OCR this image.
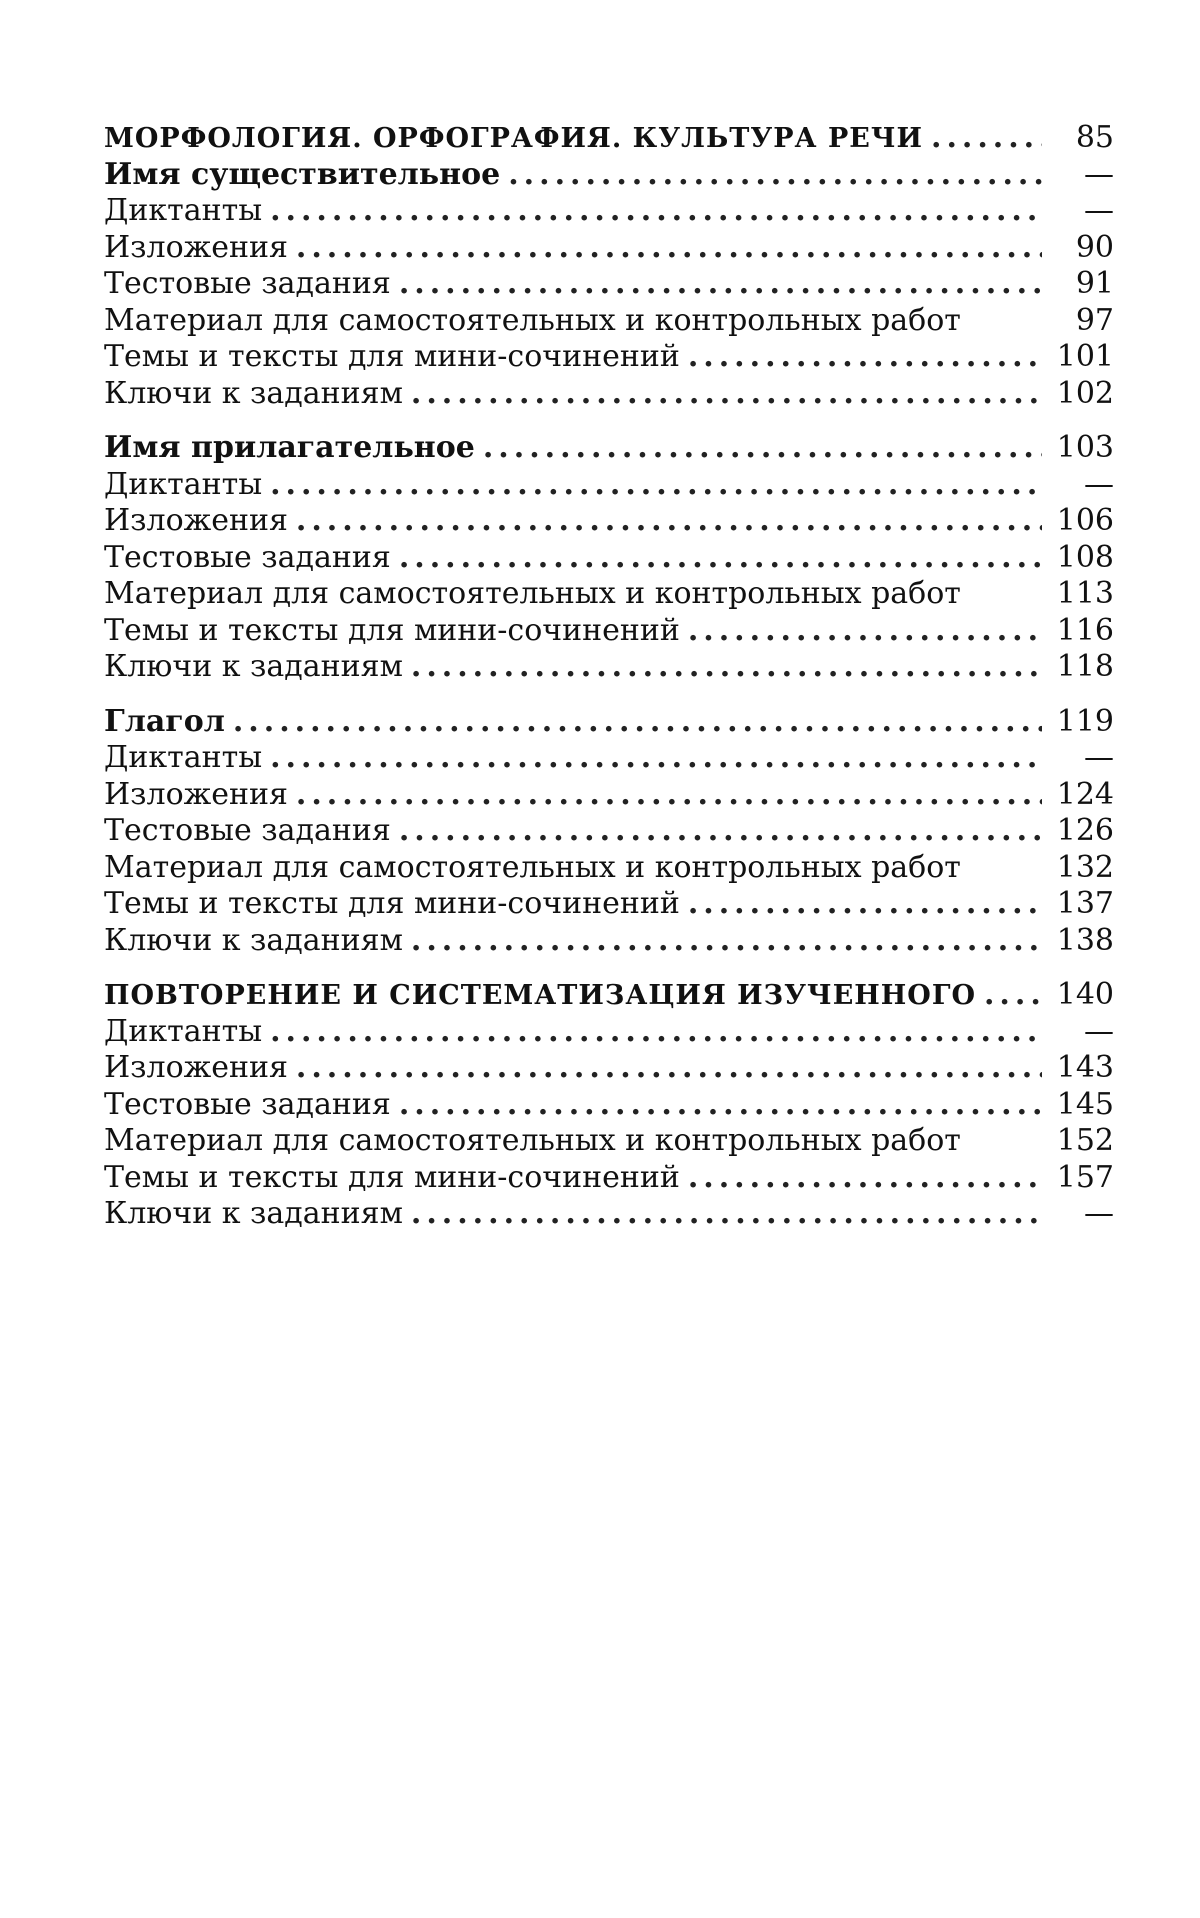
МОРФОЛОГИЯ. ОРФОГРАФИЯ. КУЛЬТУРА РЕЧИ .....	85
Имя существительное .....	—
Диктанты .....	—
Изложения .....	90
Тестовые задания .....	91
Материал для самостоятельных и контрольных работ	97
Темы и тексты для мини-сочинений .....	101
Ключи к заданиям .....	102
Имя прилагательное .....	103
Диктанты .....	—
Изложения .....	106
Тестовые задания .....	108
Материал для самостоятельных и контрольных работ	113
Темы и тексты для мини-сочинений .....	116
Ключи к заданиям .....	118
Глагол .....	119
Диктанты .....	—
Изложения .....	124
Тестовые задания .....	126
Материал для самостоятельных и контрольных работ	132
Темы и тексты для мини-сочинений .....	137
Ключи к заданиям .....	138
ПОВТОРЕНИЕ И СИСТЕМАТИЗАЦИЯ ИЗУЧЕННОГО .....	140
Диктанты .....	—
Изложения .....	143
Тестовые задания .....	145
Материал для самостоятельных и контрольных работ	152
Темы и тексты для мини-сочинений .....	157
Ключи к заданиям .....	—
